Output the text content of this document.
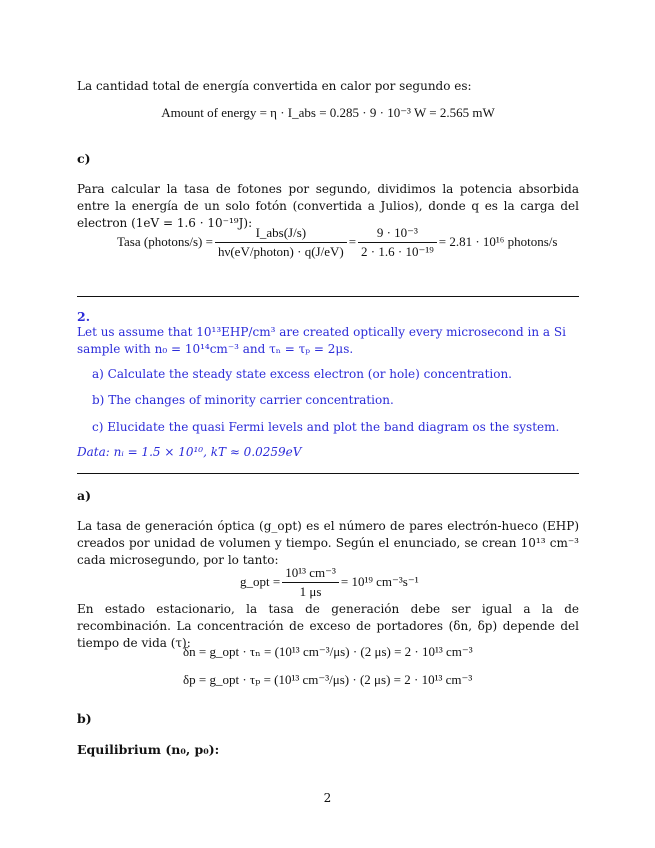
La cantidad total de energía convertida en calor por segundo es:
Amount of energy = η · I_abs = 0.285 · 9 · 10⁻³ W = 2.565 mW
c)
Para calcular la tasa de fotones por segundo, dividimos la potencia absorbida entre la energía de un solo fotón (convertida a Julios), donde q es la carga del electron (1eV = 1.6 · 10⁻¹⁹J):
Tasa (photons/s) = $\frac{\text{I\_abs(J/s)}}{\text{hν(eV/photon) · q(J/eV)}} = \frac{\text{9 · 10⁻³}}{\text{2 · 1.6 · 10⁻¹⁹}} = 2.81 \cdot 10^{16}$ photons/s
2.
Let us assume that 10¹³EHP/cm³ are created optically every microsecond in a Si sample with n₀ = 10¹⁴cm⁻³ and τₙ = τₚ = 2μs.
a) Calculate the steady state excess electron (or hole) concentration.
b) The changes of minority carrier concentration.
c) Elucidate the quasi Fermi levels and plot the band diagram os the system.
Data: nᵢ = 1.5 × 10¹⁰, kT ≈ 0.0259eV
a)
La tasa de generación óptica (g_opt) es el número de pares electrón-hueco (EHP) creados por unidad de volumen y tiempo. Según el enunciado, se crean 10¹³ cm⁻³ cada microsegundo, por lo tanto:
g_opt = $\frac{\text{10¹³ cm⁻³}}{1 \mu s} = 10^{19}$ cm⁻³s⁻¹
En estado estacionario, la tasa de generación debe ser igual a la de recombinación. La concentración de exceso de portadores (δn, δp) depende del tiempo de vida (τ):
δn = g_opt · τₙ = (10¹³ cm⁻³/μs) · (2 μs) = 2 · 10¹³ cm⁻³
δp = g_opt · τₚ = (10¹³ cm⁻³/μs) · (2 μs) = 2 · 10¹³ cm⁻³
b)
Equilibrium (n₀, p₀):
2
